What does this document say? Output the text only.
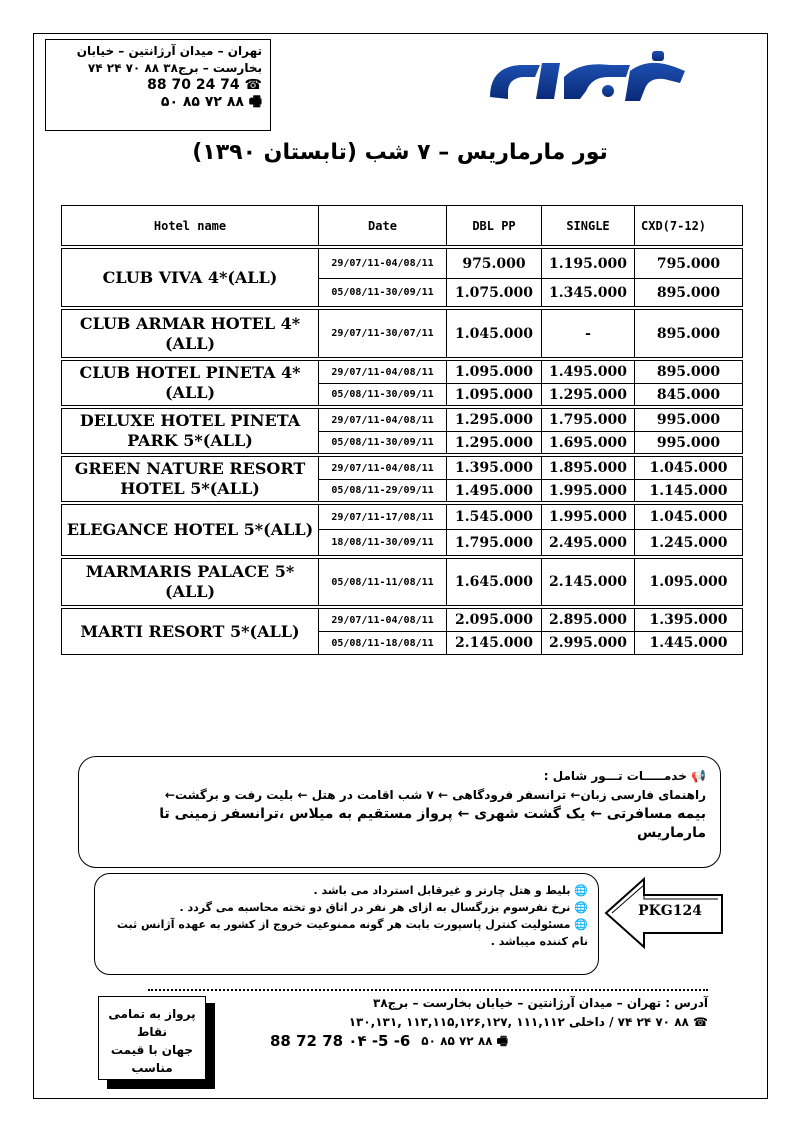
تهران – میدان آرژانتین – خیابان
بخارست – برج۳۸ ۸۸ ۷۰ ۲۴ ۷۴
☎ 88 70 24 74
🖷 ۸۸ ۷۲ ۸۵ ۵۰
تور مارماریس – ۷ شب (تابستان ۱۳۹۰)
Hotel name	Date	DBL PP	SINGLE	CXD(7-12)

CLUB VIVA 4*(ALL)	29/07/11-04/08/11	975.000	1.195.000	795.000
	05/08/11-30/09/11	1.075.000	1.345.000	895.000

CLUB ARMAR HOTEL 4*(ALL)	29/07/11-30/07/11	1.045.000	-	895.000

CLUB HOTEL PINETA 4*(ALL)	29/07/11-04/08/11	1.095.000	1.495.000	895.000
	05/08/11-30/09/11	1.095.000	1.295.000	845.000

DELUXE HOTEL PINETA PARK 5*(ALL)	29/07/11-04/08/11	1.295.000	1.795.000	995.000
	05/08/11-30/09/11	1.295.000	1.695.000	995.000

GREEN NATURE RESORT HOTEL 5*(ALL)	29/07/11-04/08/11	1.395.000	1.895.000	1.045.000
	05/08/11-29/09/11	1.495.000	1.995.000	1.145.000

ELEGANCE HOTEL 5*(ALL)	29/07/11-17/08/11	1.545.000	1.995.000	1.045.000
	18/08/11-30/09/11	1.795.000	2.495.000	1.245.000

MARMARIS PALACE 5* (ALL)	05/08/11-11/08/11	1.645.000	2.145.000	1.095.000

MARTI RESORT 5*(ALL)	29/07/11-04/08/11	2.095.000	2.895.000	1.395.000
	05/08/11-18/08/11	2.145.000	2.995.000	1.445.000
📢 خدمـــــات تـــور شامل :
راهنمای فارسی زبان← ترانسفر فرودگاهی ← ۷ شب اقامت در هتل ← بلیت رفت و برگشت←
بیمه مسافرتی ← یک گشت شهری ← پرواز مستقیم به میلاس ،ترانسفر زمینی تا مارماریس
🌐 بلیط و هتل چارتر و غیرقابل استرداد می باشد .
🌐 نرخ نفرسوم بزرگسال به ازای هر نفر در اتاق دو تخته محاسبه می گردد .
🌐 مسئولیت کنترل پاسپورت بابت هر گونه ممنوعیت خروج از کشور به عهده آژانس ثبت نام کننده میباشد .
PKG124
پرواز به تمامی نقاط
جهان با قیمت
مناسب
آدرس : تهران – میدان آرژانتین – خیابان بخارست – برج۳۸
☎ ۸۸ ۷۰ ۲۴ ۷۴ / داخلی ۱۱۱,۱۱۲ ,۱۱۳,۱۱۵,۱۲۶,۱۲۷ ,۱۳۰,۱۳۱
🖷 ۸۸ ۷۲ ۸۵ ۵۰
88 72 78 ۰۴ -5 -6
